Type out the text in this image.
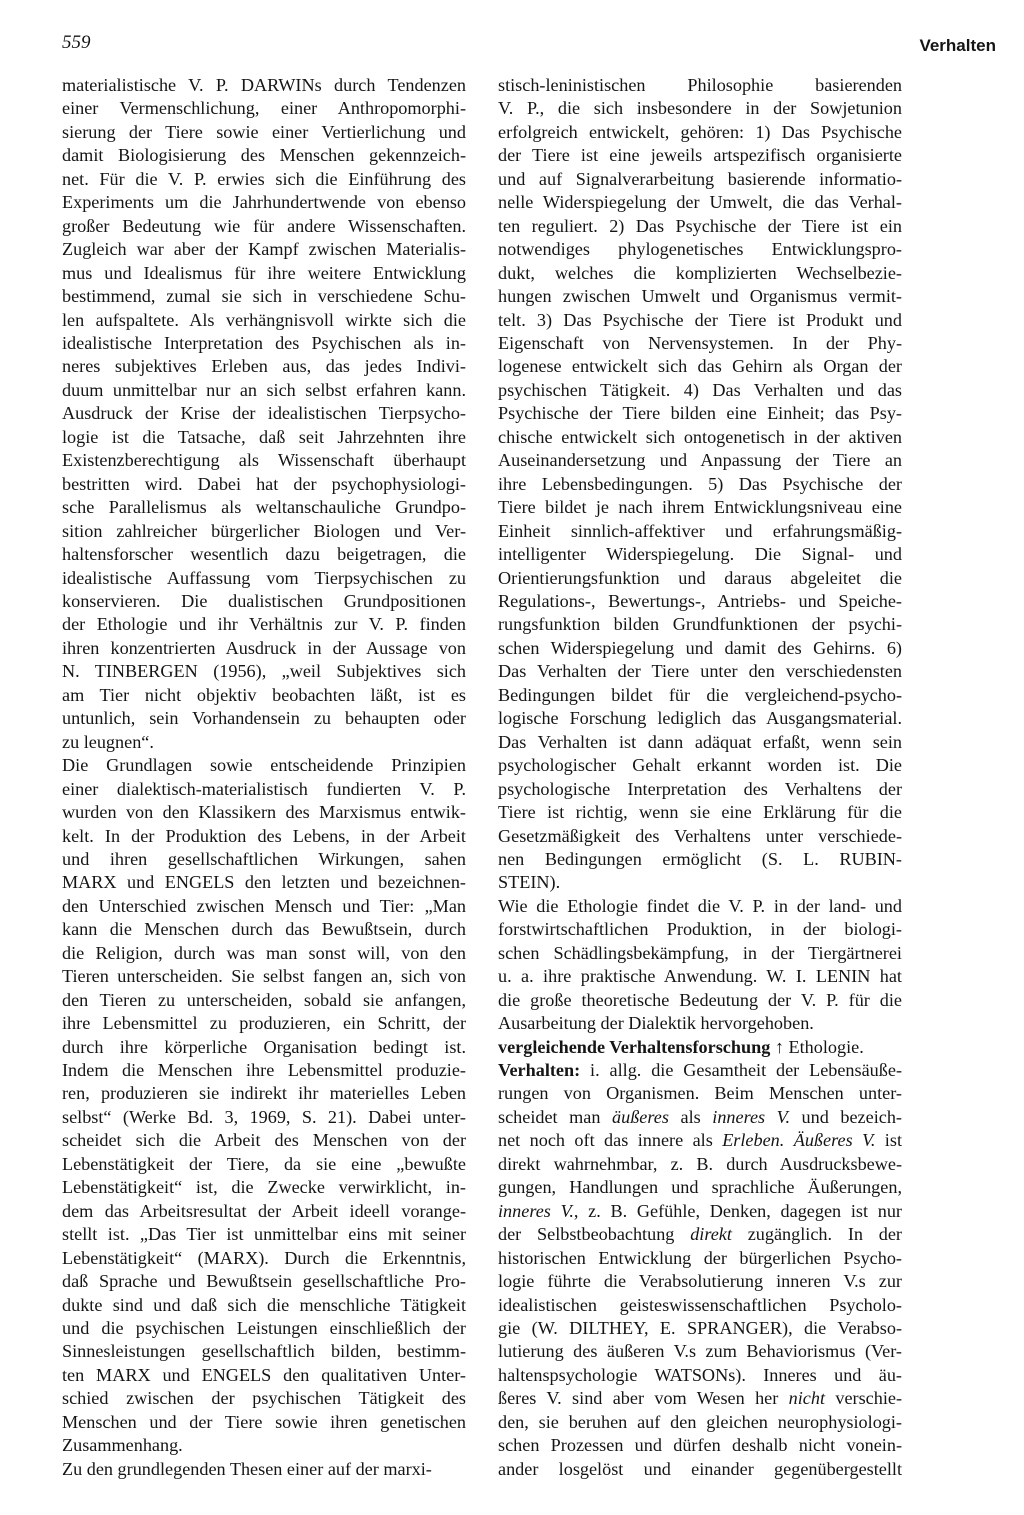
559	Verhalten

materialistische V. P. DARWINs durch Tendenzen
einer Vermenschlichung, einer Anthropomorphi-
sierung der Tiere sowie einer Vertierlichung und
damit Biologisierung des Menschen gekennzeich-
net. Für die V. P. erwies sich die Einführung des
Experiments um die Jahrhundertwende von ebenso
großer Bedeutung wie für andere Wissenschaften.
Zugleich war aber der Kampf zwischen Materialis-
mus und Idealismus für ihre weitere Entwicklung
bestimmend, zumal sie sich in verschiedene Schu-
len aufspaltete. Als verhängnisvoll wirkte sich die
idealistische Interpretation des Psychischen als in-
neres subjektives Erleben aus, das jedes Indivi-
duum unmittelbar nur an sich selbst erfahren kann.
Ausdruck der Krise der idealistischen Tierpsycho-
logie ist die Tatsache, daß seit Jahrzehnten ihre
Existenzberechtigung als Wissenschaft überhaupt
bestritten wird. Dabei hat der psychophysiologi-
sche Parallelismus als weltanschauliche Grundpo-
sition zahlreicher bürgerlicher Biologen und Ver-
haltensforscher wesentlich dazu beigetragen, die
idealistische Auffassung vom Tierpsychischen zu
konservieren. Die dualistischen Grundpositionen
der Ethologie und ihr Verhältnis zur V. P. finden
ihren konzentrierten Ausdruck in der Aussage von
N. TINBERGEN (1956), „weil Subjektives sich
am Tier nicht objektiv beobachten läßt, ist es
untunlich, sein Vorhandensein zu behaupten oder
zu leugnen“.

Die Grundlagen sowie entscheidende Prinzipien
einer dialektisch-materialistisch fundierten V. P.
wurden von den Klassikern des Marxismus entwik-
kelt. In der Produktion des Lebens, in der Arbeit
und ihren gesellschaftlichen Wirkungen, sahen
MARX und ENGELS den letzten und bezeichnen-
den Unterschied zwischen Mensch und Tier: „Man
kann die Menschen durch das Bewußtsein, durch
die Religion, durch was man sonst will, von den
Tieren unterscheiden. Sie selbst fangen an, sich von
den Tieren zu unterscheiden, sobald sie anfangen,
ihre Lebensmittel zu produzieren, ein Schritt, der
durch ihre körperliche Organisation bedingt ist.
Indem die Menschen ihre Lebensmittel produzie-
ren, produzieren sie indirekt ihr materielles Leben
selbst“ (Werke Bd. 3, 1969, S. 21). Dabei unter-
scheidet sich die Arbeit des Menschen von der
Lebenstätigkeit der Tiere, da sie eine „bewußte
Lebenstätigkeit“ ist, die Zwecke verwirklicht, in-
dem das Arbeitsresultat der Arbeit ideell vorange-
stellt ist. „Das Tier ist unmittelbar eins mit seiner
Lebenstätigkeit“ (MARX). Durch die Erkenntnis,
daß Sprache und Bewußtsein gesellschaftliche Pro-
dukte sind und daß sich die menschliche Tätigkeit
und die psychischen Leistungen einschließlich der
Sinnesleistungen gesellschaftlich bilden, bestimm-
ten MARX und ENGELS den qualitativen Unter-
schied zwischen der psychischen Tätigkeit des
Menschen und der Tiere sowie ihren genetischen
Zusammenhang.

Zu den grundlegenden Thesen einer auf der marxi-

stisch-leninistischen Philosophie basierenden
V. P., die sich insbesondere in der Sowjetunion
erfolgreich entwickelt, gehören: 1) Das Psychische
der Tiere ist eine jeweils artspezifisch organisierte
und auf Signalverarbeitung basierende informatio-
nelle Widerspiegelung der Umwelt, die das Verhal-
ten reguliert. 2) Das Psychische der Tiere ist ein
notwendiges phylogenetisches Entwicklungspro-
dukt, welches die komplizierten Wechselbezie-
hungen zwischen Umwelt und Organismus vermit-
telt. 3) Das Psychische der Tiere ist Produkt und
Eigenschaft von Nervensystemen. In der Phy-
logenese entwickelt sich das Gehirn als Organ der
psychischen Tätigkeit. 4) Das Verhalten und das
Psychische der Tiere bilden eine Einheit; das Psy-
chische entwickelt sich ontogenetisch in der aktiven
Auseinandersetzung und Anpassung der Tiere an
ihre Lebensbedingungen. 5) Das Psychische der
Tiere bildet je nach ihrem Entwicklungsniveau eine
Einheit sinnlich-affektiver und erfahrungsmäßig-
intelligenter Widerspiegelung. Die Signal- und
Orientierungsfunktion und daraus abgeleitet die
Regulations-, Bewertungs-, Antriebs- und Speiche-
rungsfunktion bilden Grundfunktionen der psychi-
schen Widerspiegelung und damit des Gehirns. 6)
Das Verhalten der Tiere unter den verschiedensten
Bedingungen bildet für die vergleichend-psycho-
logische Forschung lediglich das Ausgangsmaterial.
Das Verhalten ist dann adäquat erfaßt, wenn sein
psychologischer Gehalt erkannt worden ist. Die
psychologische Interpretation des Verhaltens der
Tiere ist richtig, wenn sie eine Erklärung für die
Gesetzmäßigkeit des Verhaltens unter verschiede-
nen Bedingungen ermöglicht (S. L. RUBIN-
STEIN).

Wie die Ethologie findet die V. P. in der land- und
forstwirtschaftlichen Produktion, in der biologi-
schen Schädlingsbekämpfung, in der Tiergärtnerei
u. a. ihre praktische Anwendung. W. I. LENIN hat
die große theoretische Bedeutung der V. P. für die
Ausarbeitung der Dialektik hervorgehoben.

vergleichende Verhaltensforschung ↑ Ethologie.

Verhalten: i. allg. die Gesamtheit der Lebensäuße-
rungen von Organismen. Beim Menschen unter-
scheidet man äußeres als inneres V. und bezeich-
net noch oft das innere als Erleben. Äußeres V. ist
direkt wahrnehmbar, z. B. durch Ausdrucksbewe-
gungen, Handlungen und sprachliche Äußerungen,
inneres V., z. B. Gefühle, Denken, dagegen ist nur
der Selbstbeobachtung direkt zugänglich. In der
historischen Entwicklung der bürgerlichen Psycho-
logie führte die Verabsolutierung inneren V.s zur
idealistischen geisteswissenschaftlichen Psycholo-
gie (W. DILTHEY, E. SPRANGER), die Verabso-
lutierung des äußeren V.s zum Behaviorismus (Ver-
haltenspsychologie WATSONs). Inneres und äu-
ßeres V. sind aber vom Wesen her nicht verschie-
den, sie beruhen auf den gleichen neurophysiologi-
schen Prozessen und dürfen deshalb nicht vonein-
ander losgelöst und einander gegenübergestellt
